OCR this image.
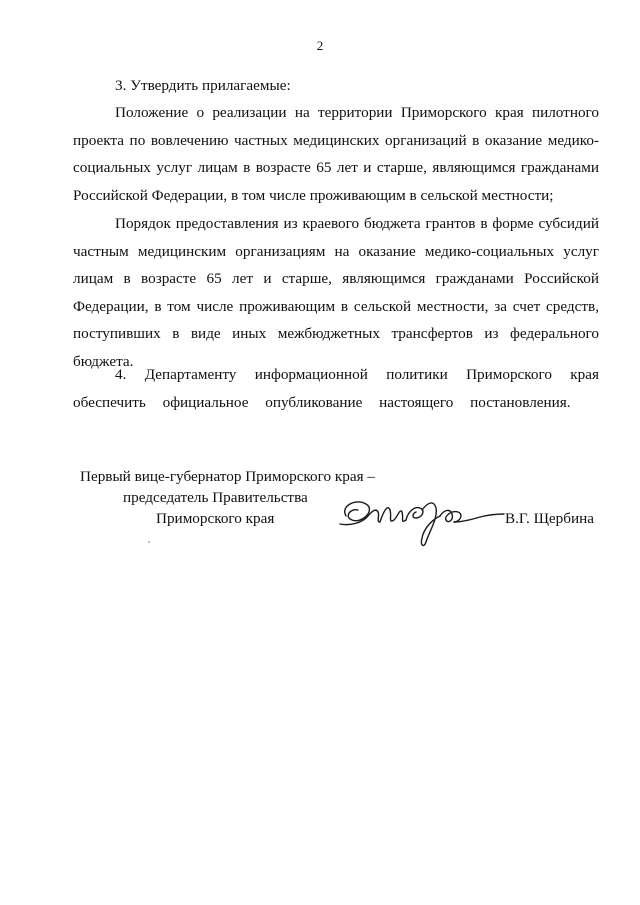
2
3. Утвердить прилагаемые:
Положение о реализации на территории Приморского края пилотного проекта по вовлечению частных медицинских организаций в оказание медико-социальных услуг лицам в возрасте 65 лет и старше, являющимся гражданами Российской Федерации, в том числе проживающим в сельской местности;
Порядок предоставления из краевого бюджета грантов в форме субсидий частным медицинским организациям на оказание медико-социальных услуг лицам в возрасте 65 лет и старше, являющимся гражданами Российской Федерации, в том числе проживающим в сельской местности, за счет средств, поступивших в виде иных межбюджетных трансфертов из федерального бюджета.
4. Департаменту информационной политики Приморского края обеспечить официальное опубликование настоящего постановления.
Первый вице-губернатор Приморского края –
председатель Правительства
Приморского края	В.Г. Щербина
